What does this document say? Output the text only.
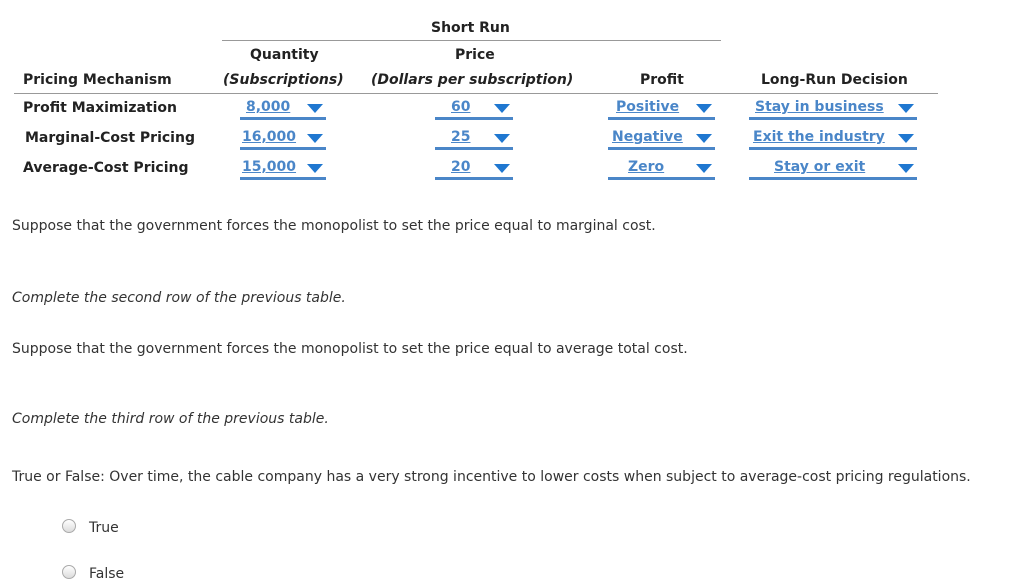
Short Run
Quantity	Price
Pricing Mechanism	(Subscriptions) (Dollars per subscription)	Profit	Long-Run Decision
Profit Maximization	8,000	60	Positive	Stay in business
Marginal-Cost Pricing	16,000	25	Negative	Exit the industry
Average-Cost Pricing	15,000	20	Zero	Stay or exit
Suppose that the government forces the monopolist to set the price equal to marginal cost.
Complete the second row of the previous table.
Suppose that the government forces the monopolist to set the price equal to average total cost.
Complete the third row of the previous table.
True or False: Over time, the cable company has a very strong incentive to lower costs when subject to average-cost pricing regulations.
True
False
